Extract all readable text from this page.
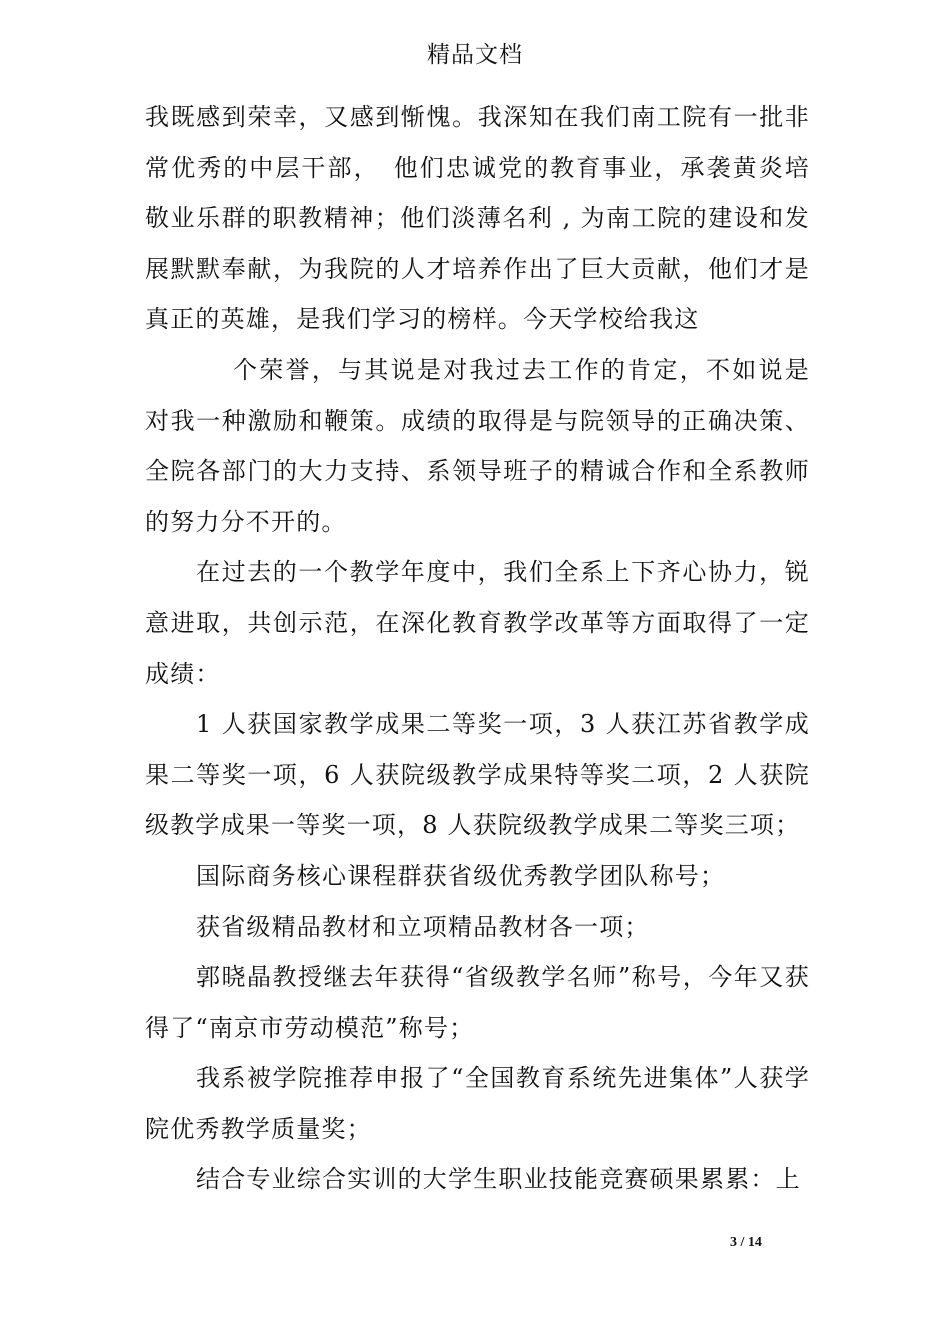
精品文档

我既感到荣幸，又感到惭愧。我深知在我们南工院有一批非常优秀的中层干部，　他们忠诚党的教育事业，承袭黄炎培敬业乐群的职教精神；他们淡薄名利 , 为南工院的建设和发展默默奉献，为我院的人才培养作出了巨大贡献，他们才是真正的英雄，是我们学习的榜样。今天学校给我这

个荣誉，与其说是对我过去工作的肯定，不如说是对我一种激励和鞭策。成绩的取得是与院领导的正确决策、全院各部门的大力支持、系领导班子的精诚合作和全系教师的努力分不开的。

在过去的一个教学年度中，我们全系上下齐心协力，锐意进取，共创示范，在深化教育教学改革等方面取得了一定成绩：

1 人获国家教学成果二等奖一项，3 人获江苏省教学成果二等奖一项，6 人获院级教学成果特等奖二项，2 人获院级教学成果一等奖一项，8 人获院级教学成果二等奖三项；

国际商务核心课程群获省级优秀教学团队称号；

获省级精品教材和立项精品教材各一项；

郭晓晶教授继去年获得“省级教学名师”称号，今年又获得了“南京市劳动模范”称号；

我系被学院推荐申报了“全国教育系统先进集体”人获学院优秀教学质量奖；

结合专业综合实训的大学生职业技能竞赛硕果累累：上

3 / 14
